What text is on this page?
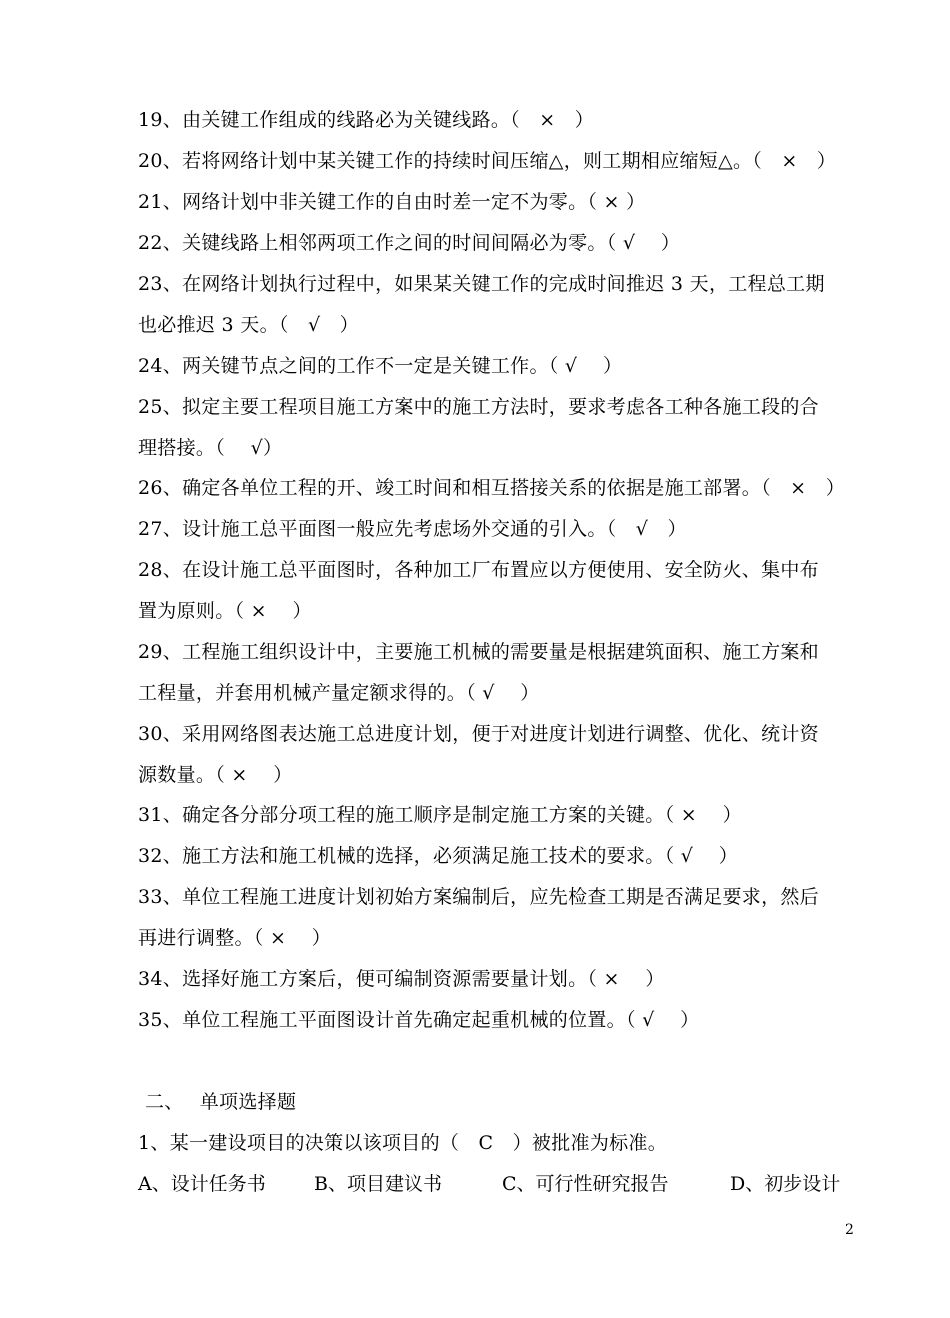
19、由关键工作组成的线路必为关键线路。（　×　）
20、若将网络计划中某关键工作的持续时间压缩△，则工期相应缩短△。（　×　）
21、网络计划中非关键工作的自由时差一定不为零。（ × ）
22、关键线路上相邻两项工作之间的时间间隔必为零。（ √　 ）
23、在网络计划执行过程中，如果某关键工作的完成时间推迟 3 天，工程总工期
也必推迟 3 天。（　√　）
24、两关键节点之间的工作不一定是关键工作。（ √　 ）
25、拟定主要工程项目施工方案中的施工方法时，要求考虑各工种各施工段的合
理搭接。（　 √）
26、确定各单位工程的开、竣工时间和相互搭接关系的依据是施工部署。（　×　）
27、设计施工总平面图一般应先考虑场外交通的引入。（　√　）
28、在设计施工总平面图时，各种加工厂布置应以方便使用、安全防火、集中布
置为原则。（ ×　 ）
29、工程施工组织设计中，主要施工机械的需要量是根据建筑面积、施工方案和
工程量，并套用机械产量定额求得的。（ √　 ）
30、采用网络图表达施工总进度计划，便于对进度计划进行调整、优化、统计资
源数量。（ ×　 ）
31、确定各分部分项工程的施工顺序是制定施工方案的关键。（ ×　 ）
32、施工方法和施工机械的选择，必须满足施工技术的要求。（ √　 ）
33、单位工程施工进度计划初始方案编制后，应先检查工期是否满足要求，然后
再进行调整。（ ×　 ）
34、选择好施工方案后，便可编制资源需要量计划。（ ×　 ）
35、单位工程施工平面图设计首先确定起重机械的位置。（ √　 ）
二、　 单项选择题
1、某一建设项目的决策以该项目的（　C　）被批准为标准。

A、设计任务书

	B、项目建议书

	C、可行性研究报告

	D、初步设计

2
